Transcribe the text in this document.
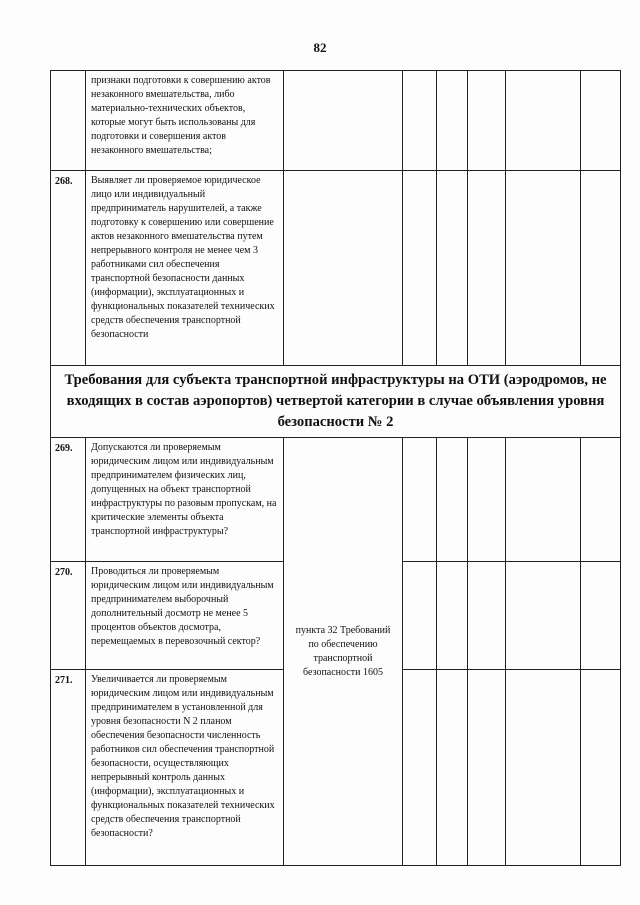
82
	признаки подготовки к совершению актов незаконного вмешательства, либо материально-технических объектов, которые могут быть использованы для подготовки и совершения актов незаконного вмешательства;						
268.	Выявляет ли проверяемое юридическое лицо или индивидуальный предприниматель нарушителей, а также подготовку к совершению или совершение актов незаконного вмешательства путем непрерывного контроля не менее чем 3 работниками сил обеспечения транспортной безопасности данных (информации), эксплуатационных и функциональных показателей технических средств обеспечения транспортной безопасности						
Требования для субъекта транспортной инфраструктуры на ОТИ (аэродромов, не входящих в состав аэропортов) четвертой категории в случае объявления уровня безопасности № 2							
269.	Допускаются ли проверяемым юридическим лицом или индивидуальным предпринимателем физических лиц, допущенных на объект транспортной инфраструктуры по разовым пропускам, на критические элементы объекта транспортной инфраструктуры?	пункта 32 Требований по обеспечению транспортной безопасности 1605					
270.	Проводиться ли проверяемым юридическим лицом или индивидуальным предпринимателем выборочный дополнительный досмотр не менее 5 процентов объектов досмотра, перемещаемых в перевозочный сектор?						
271.	Увеличивается ли проверяемым юридическим лицом или индивидуальным предпринимателем в установленной для уровня безопасности N 2 планом обеспечения безопасности численность работников сил обеспечения транспортной безопасности, осуществляющих непрерывный контроль данных (информации), эксплуатационных и функциональных показателей технических средств обеспечения транспортной безопасности?						
